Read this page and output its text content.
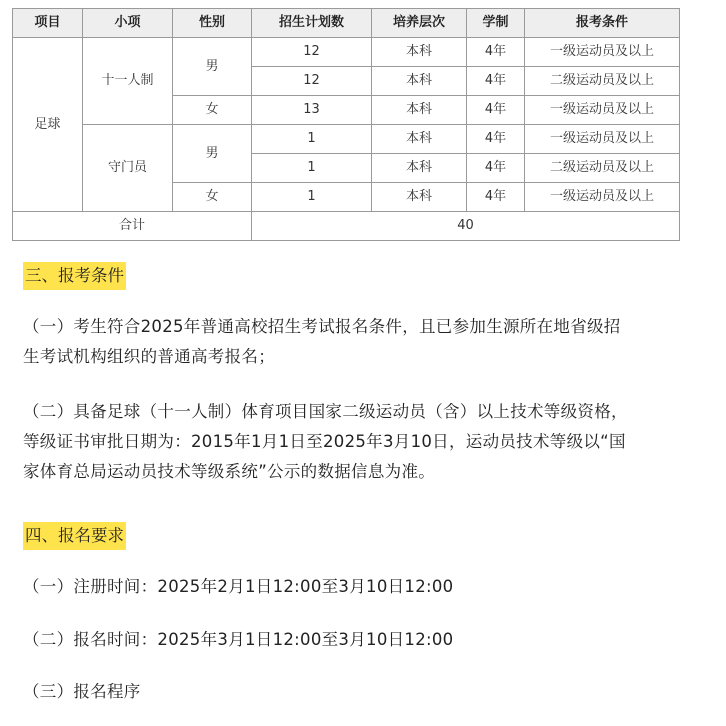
项目	小项	性别	招生计划数	培养层次	学制	报考条件
足球	十一人制	男	12	本科	4年	一级运动员及以上
			12	本科	4年	二级运动员及以上
		女	13	本科	4年	一级运动员及以上
	守门员	男	1	本科	4年	一级运动员及以上
			1	本科	4年	二级运动员及以上
		女	1	本科	4年	一级运动员及以上
合计			40			
三、报考条件

（一）考生符合2025年普通高校招生考试报名条件，且已参加生源所在地省级招

生考试机构组织的普通高考报名；

（二）具备足球（十一人制）体育项目国家二级运动员（含）以上技术等级资格，

等级证书审批日期为：2015年1月1日至2025年3月10日，运动员技术等级以“国

家体育总局运动员技术等级系统”公示的数据信息为准。

四、报名要求

（一）注册时间：2025年2月1日12:00至3月10日12:00

（二）报名时间：2025年3月1日12:00至3月10日12:00

（三）报名程序
